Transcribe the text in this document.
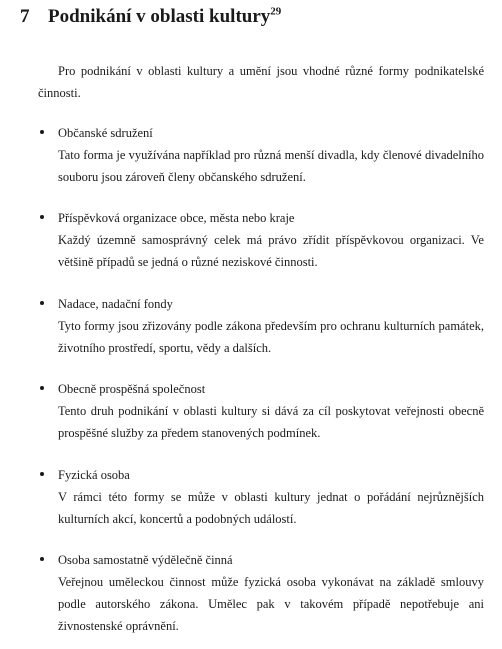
7 Podnikání v oblasti kultury$^{29}$
Pro podnikání v oblasti kultury a umění jsou vhodné různé formy podnikatelské činnosti.
Občanské sdružení
Tato forma je využívána například pro různá menší divadla, kdy členové divadelního souboru jsou zároveň členy občanského sdružení.
Příspěvková organizace obce, města nebo kraje
Každý územně samosprávný celek má právo zřídit příspěvkovou organizaci. Ve většině případů se jedná o různé neziskové činnosti.
Nadace, nadační fondy
Tyto formy jsou zřizovány podle zákona především pro ochranu kulturních památek, životního prostředí, sportu, vědy a dalších.
Obecně prospěšná společnost
Tento druh podnikání v oblasti kultury si dává za cíl poskytovat veřejnosti obecně prospěšné služby za předem stanovených podmínek.
Fyzická osoba
V rámci této formy se může v oblasti kultury jednat o pořádání nejrůznějších kulturních akcí, koncertů a podobných událostí.
Osoba samostatně výdělečně činná
Veřejnou uměleckou činnost může fyzická osoba vykonávat na základě smlouvy podle autorského zákona. Umělec pak v takovém případě nepotřebuje ani živnostenské oprávnění.
